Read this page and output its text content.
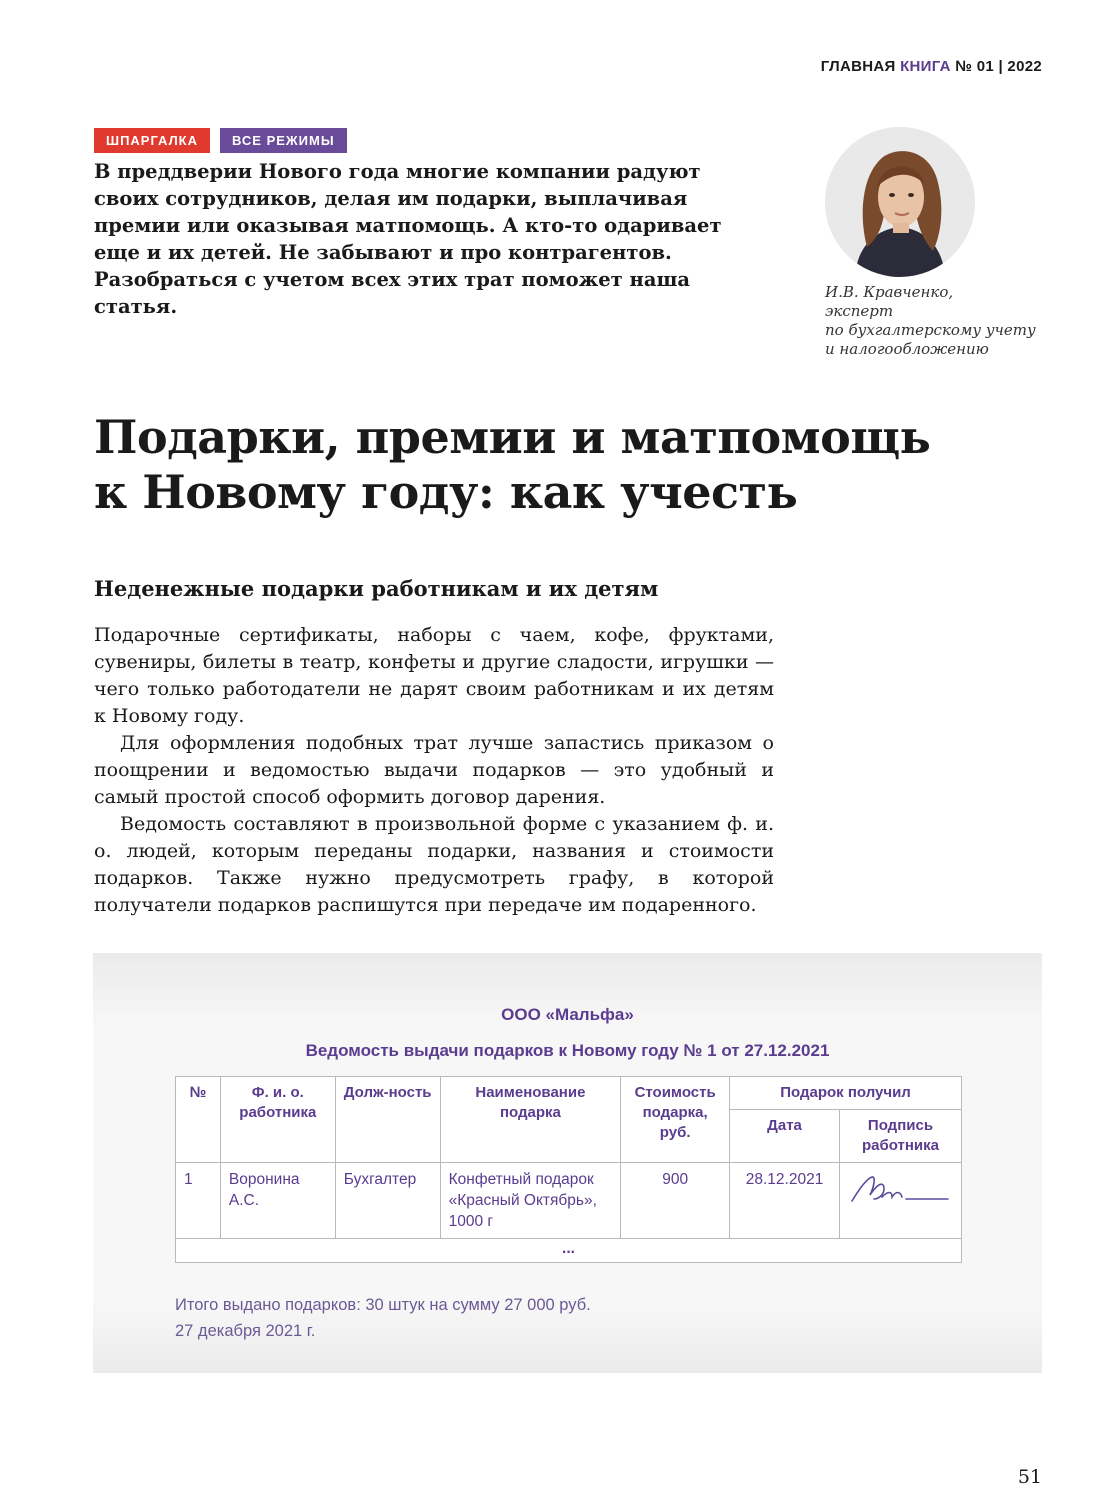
ГЛАВНАЯ КНИГА № 01 | 2022
ШПАРГАЛКА	ВСЕ РЕЖИМЫ
В преддверии Нового года многие компании радуют своих сотрудников, делая им подарки, выплачивая премии или оказывая матпомощь. А кто-то одаривает еще и их детей. Не забывают и про контрагентов. Разобраться с учетом всех этих трат поможет наша статья.
И.В. Кравченко,
эксперт
по бухгалтерскому учету
и налогообложению
Подарки, премии и матпомощь
к Новому году: как учесть
Неденежные подарки работникам и их детям

Подарочные сертификаты, наборы с чаем, кофе, фруктами, сувениры, билеты в театр, конфеты и другие сладости, игрушки — чего только работодатели не дарят своим работникам и их детям к Новому году.

Для оформления подобных трат лучше запастись приказом о поощрении и ведомостью выдачи подарков — это удобный и самый простой способ оформить договор дарения.

Ведомость составляют в произвольной форме с указанием ф. и. о. людей, которым переданы подарки, названия и стоимости подарков. Также нужно предусмотреть графу, в которой получатели подарков распишутся при передаче им подаренного.

ООО «Мальфа»
Ведомость выдачи подарков к Новому году № 1 от 27.12.2021
№	Ф. и. о. работника	Долж-ность	Наименование подарка	Стоимость подарка, руб.	Подарок получил	
					Дата	Подпись работника
1	Воронина А.С.	Бухгалтер	Конфетный подарок «Красный Октябрь», 1000 г	900	28.12.2021	
...						
Итого выдано подарков: 30 штук на сумму 27 000 руб.
27 декабря 2021 г.
51
